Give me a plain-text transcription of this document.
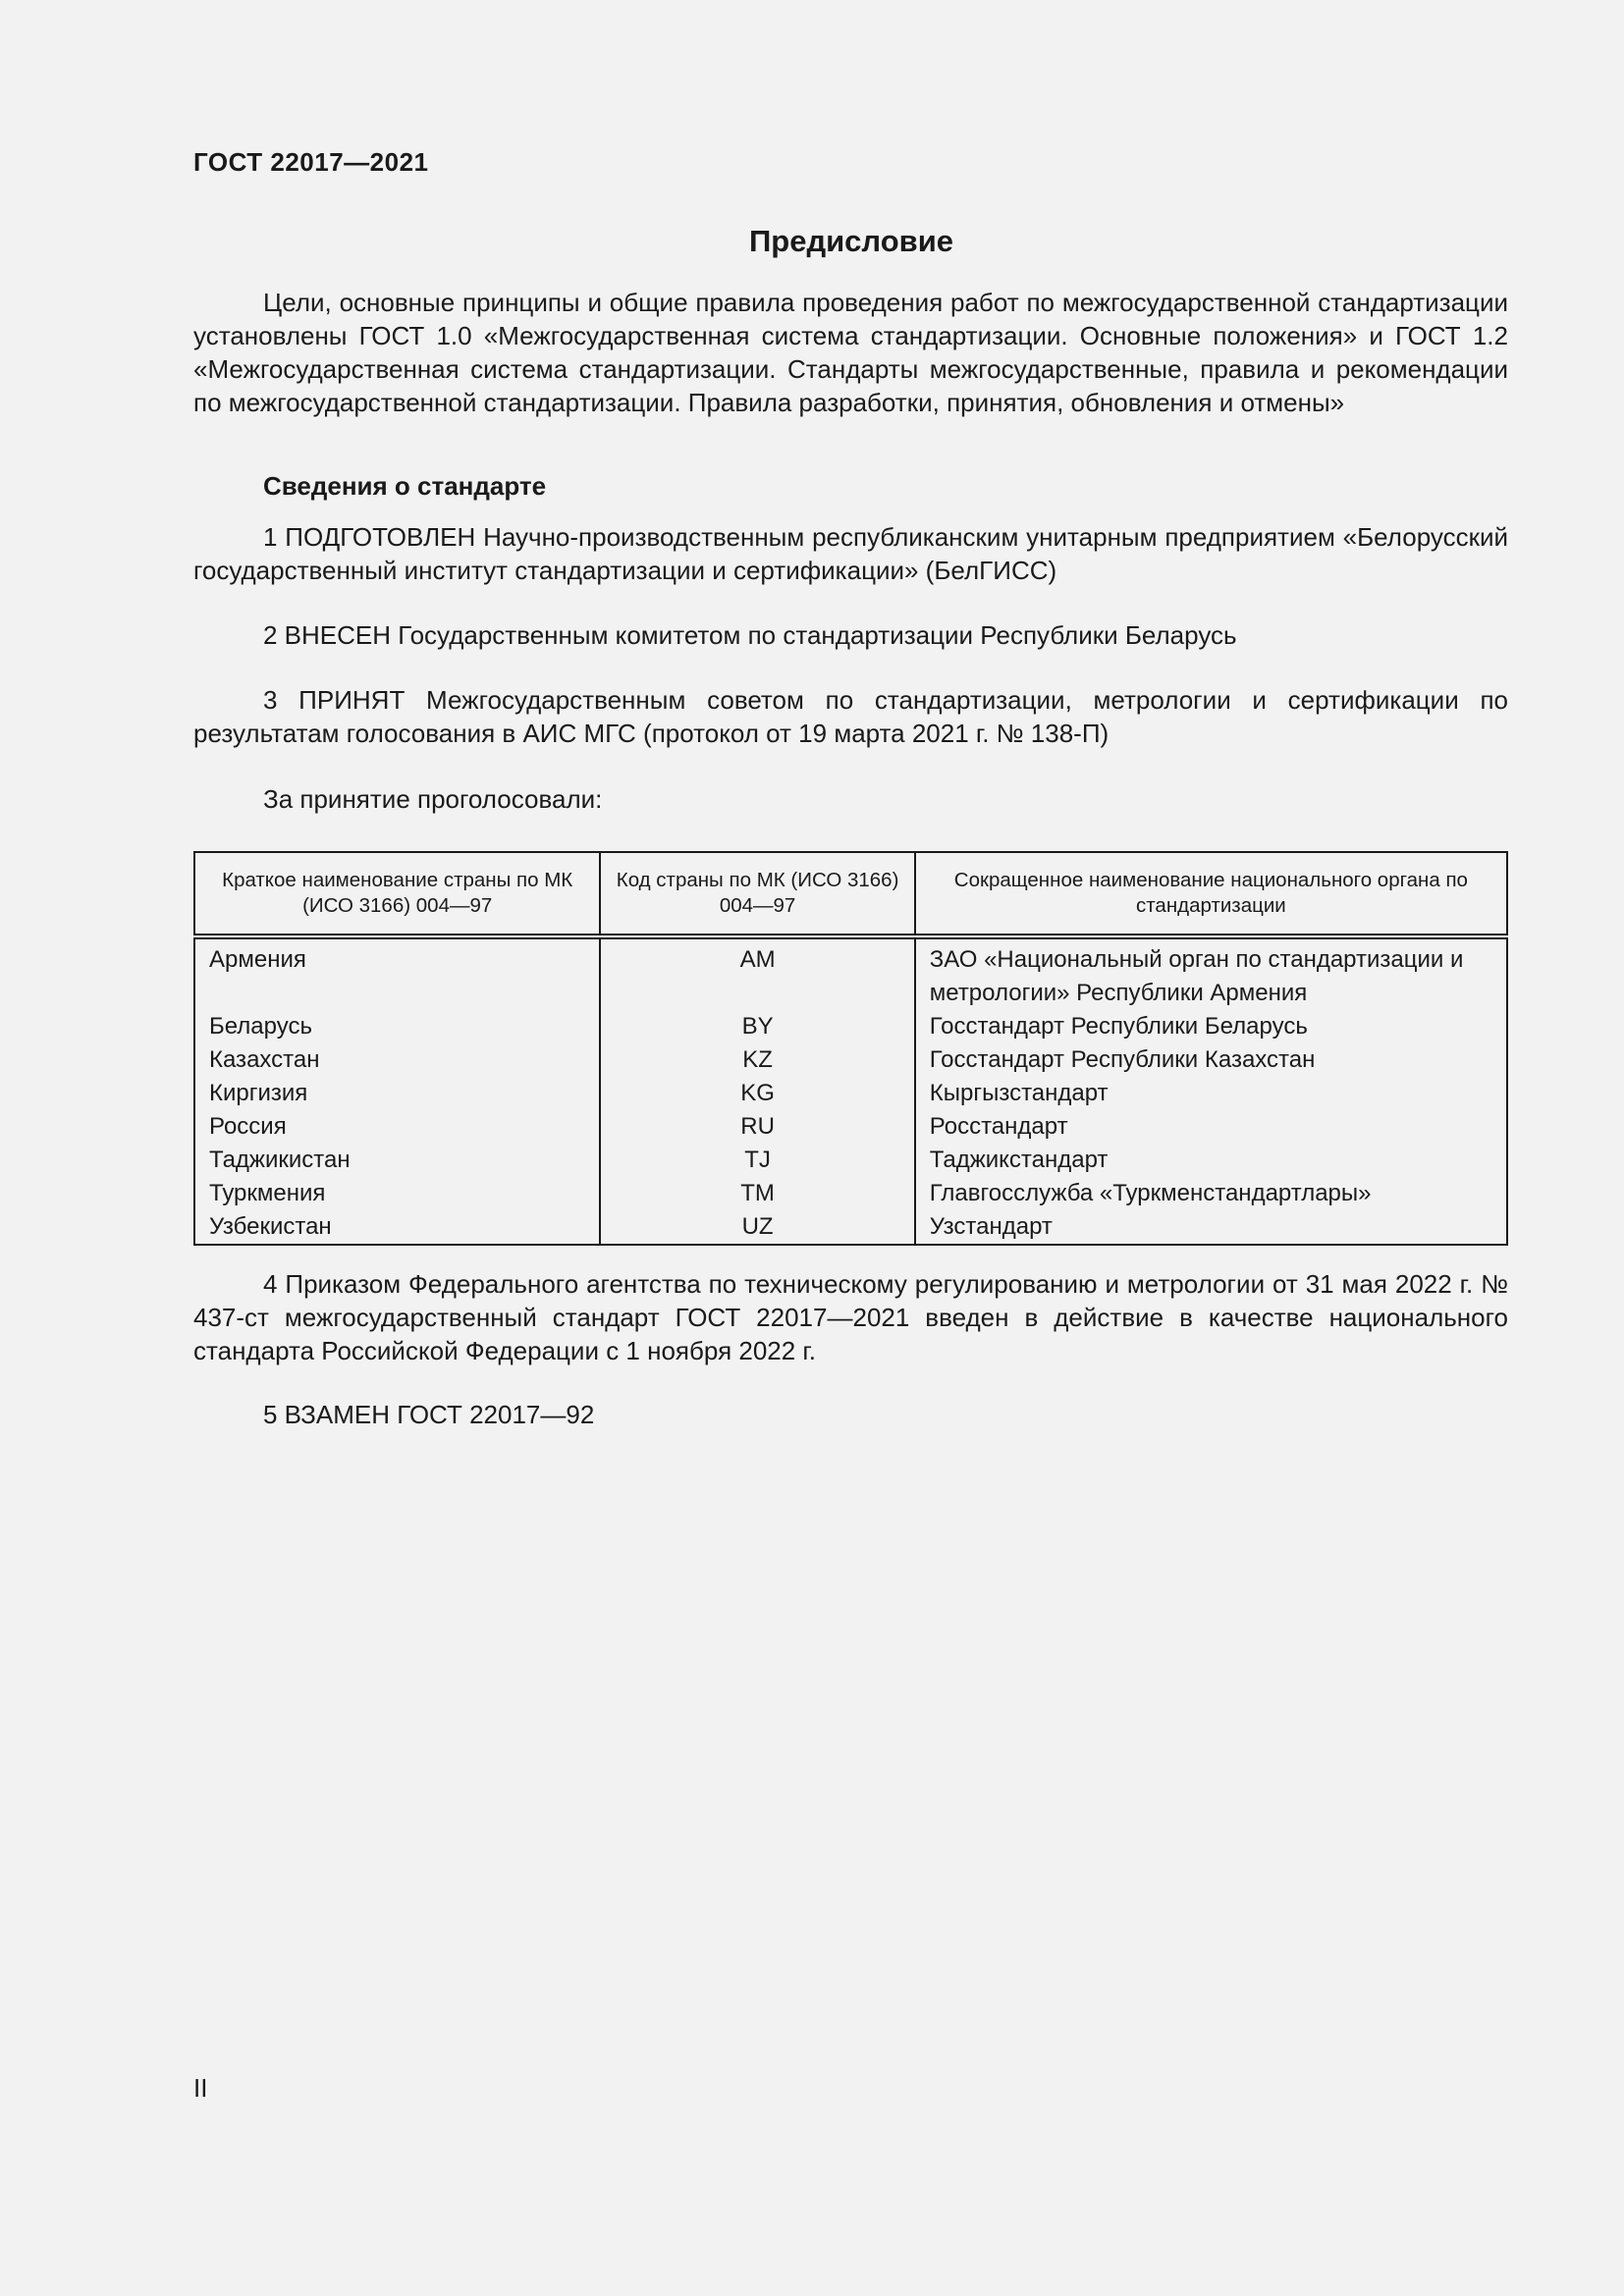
ГОСТ 22017—2021
Предисловие

Цели, основные принципы и общие правила проведения работ по межгосударственной стандартизации установлены ГОСТ 1.0 «Межгосударственная система стандартизации. Основные положения» и ГОСТ 1.2 «Межгосударственная система стандартизации. Стандарты межгосударственные, правила и рекомендации по межгосударственной стандартизации. Правила разработки, принятия, обновления и отмены»

Сведения о стандарте

1 ПОДГОТОВЛЕН Научно-производственным республиканским унитарным предприятием «Белорусский государственный институт стандартизации и сертификации» (БелГИСС)

2 ВНЕСЕН Государственным комитетом по стандартизации Республики Беларусь

3 ПРИНЯТ Межгосударственным советом по стандартизации, метрологии и сертификации по результатам голосования в АИС МГС (протокол от 19 марта 2021 г. № 138-П)

За принятие проголосовали:

Краткое наименование страны по МК (ИСО 3166) 004—97	Код страны по МК (ИСО 3166) 004—97	Сокращенное наименование национального органа по стандартизации
Армения	AM	ЗАО «Национальный орган по стандартизации и метрологии» Республики Армения
Беларусь	BY	Госстандарт Республики Беларусь
Казахстан	KZ	Госстандарт Республики Казахстан
Киргизия	KG	Кыргызстандарт
Россия	RU	Росстандарт
Таджикистан	TJ	Таджикстандарт
Туркмения	TM	Главгосслужба «Туркменстандартлары»
Узбекистан	UZ	Узстандарт

4 Приказом Федерального агентства по техническому регулированию и метрологии от 31 мая 2022 г. № 437-ст межгосударственный стандарт ГОСТ 22017—2021 введен в действие в качестве национального стандарта Российской Федерации с 1 ноября 2022 г.

5 ВЗАМЕН ГОСТ 22017—92

II
